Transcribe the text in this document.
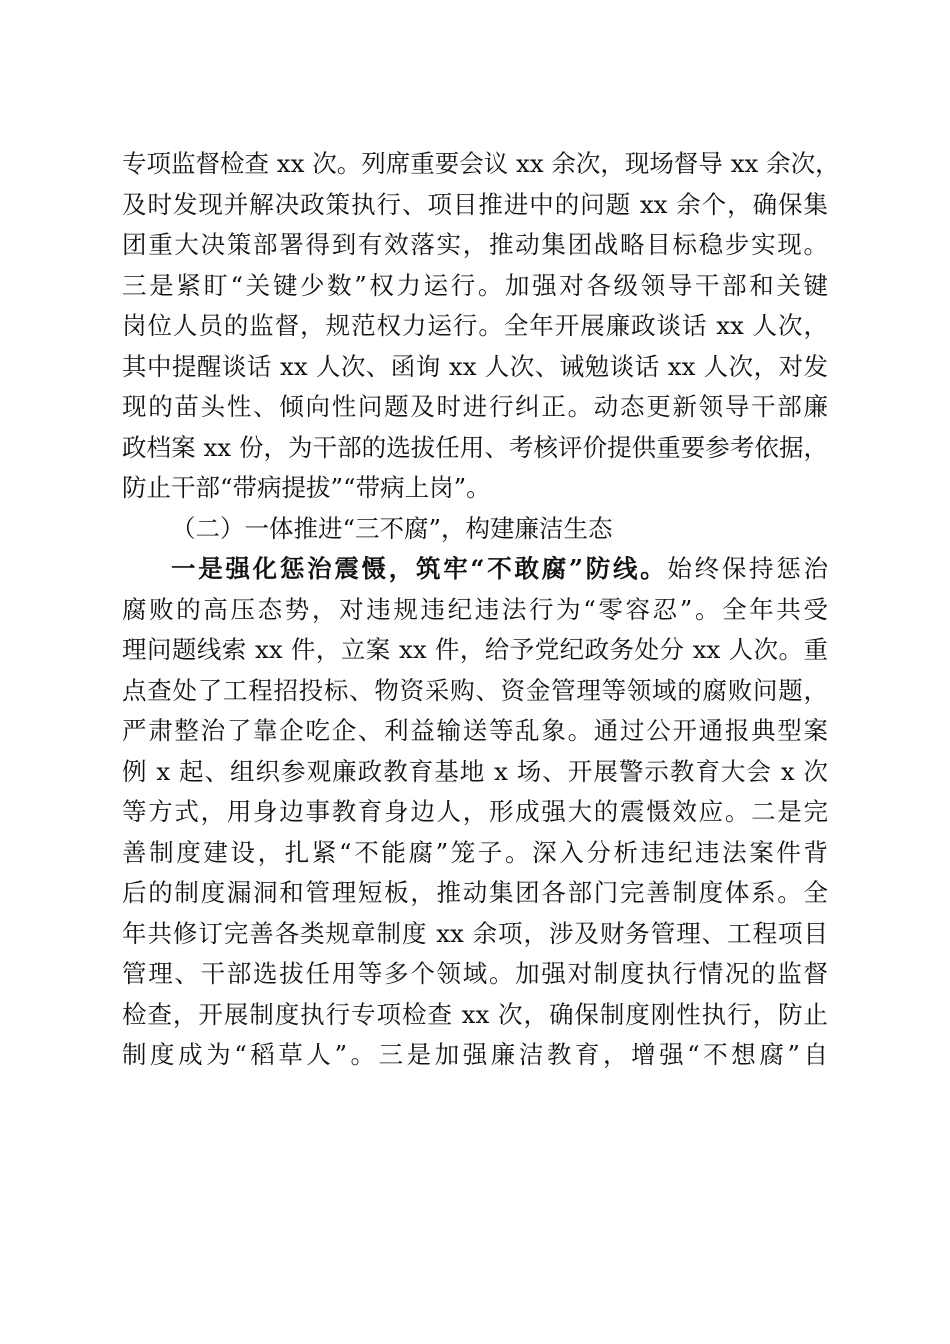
专项监督检查 xx 次。列席重要会议 xx 余次，现场督导 xx 余次，
及时发现并解决政策执行、项目推进中的问题 xx 余个，确保集
团重大决策部署得到有效落实，推动集团战略目标稳步实现。
三是紧盯“关键少数”权力运行。加强对各级领导干部和关键
岗位人员的监督，规范权力运行。全年开展廉政谈话 xx 人次，
其中提醒谈话 xx 人次、函询 xx 人次、诫勉谈话 xx 人次，对发
现的苗头性、倾向性问题及时进行纠正。动态更新领导干部廉
政档案 xx 份，为干部的选拔任用、考核评价提供重要参考依据，
防止干部“带病提拔”“带病上岗”。
（二）一体推进“三不腐”，构建廉洁生态
一是强化惩治震慑，筑牢“不敢腐”防线。始终保持惩治
腐败的高压态势，对违规违纪违法行为“零容忍”。全年共受
理问题线索 xx 件，立案 xx 件，给予党纪政务处分 xx 人次。重
点查处了工程招投标、物资采购、资金管理等领域的腐败问题，
严肃整治了靠企吃企、利益输送等乱象。通过公开通报典型案
例 x 起、组织参观廉政教育基地 x 场、开展警示教育大会 x 次
等方式，用身边事教育身边人，形成强大的震慑效应。二是完
善制度建设，扎紧“不能腐”笼子。深入分析违纪违法案件背
后的制度漏洞和管理短板，推动集团各部门完善制度体系。全
年共修订完善各类规章制度 xx 余项，涉及财务管理、工程项目
管理、干部选拔任用等多个领域。加强对制度执行情况的监督
检查，开展制度执行专项检查 xx 次，确保制度刚性执行，防止
制度成为“稻草人”。三是加强廉洁教育，增强“不想腐”自
